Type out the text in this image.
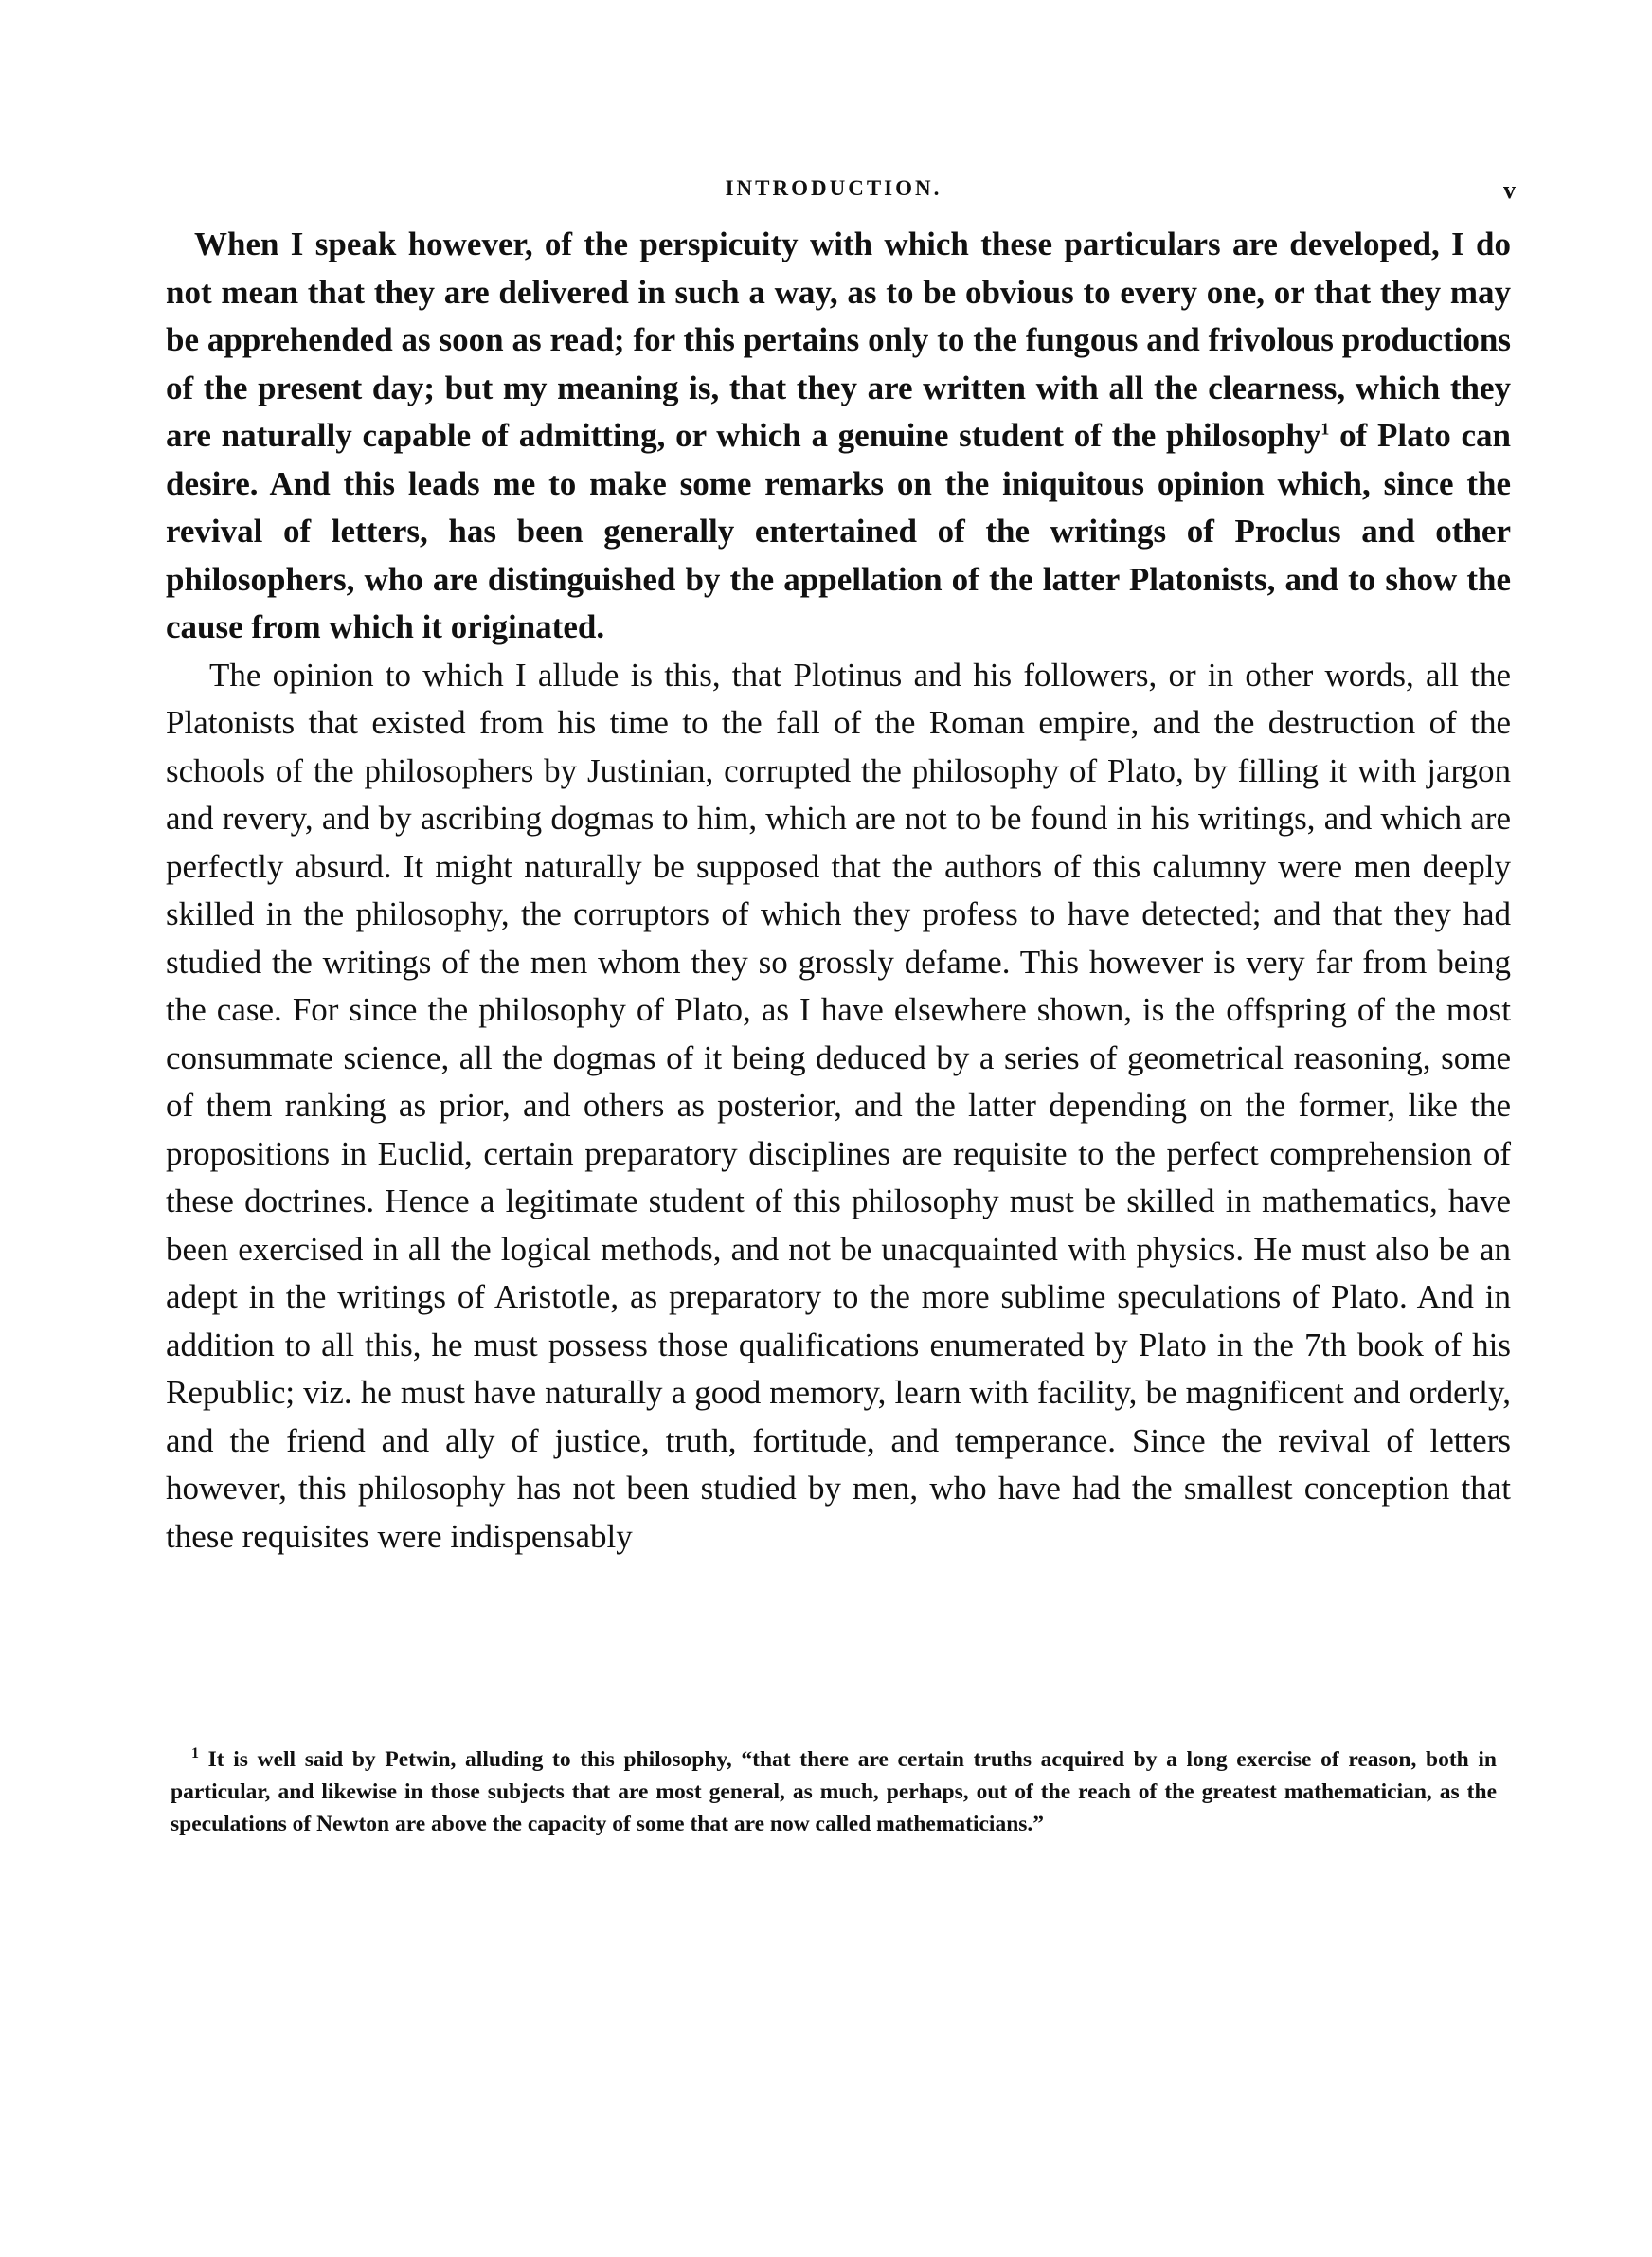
INTRODUCTION.	v

When I speak however, of the perspicuity with which these particulars are developed, I do not mean that they are delivered in such a way, as to be obvious to every one, or that they may be apprehended as soon as read; for this pertains only to the fungous and frivolous productions of the present day; but my meaning is, that they are written with all the clearness, which they are naturally capable of admitting, or which a genuine student of the philosophy$^1$ of Plato can desire. And this leads me to make some remarks on the iniquitous opinion which, since the revival of letters, has been generally entertained of the writings of Proclus and other philosophers, who are distinguished by the appellation of the latter Platonists, and to show the cause from which it originated.

The opinion to which I allude is this, that Plotinus and his followers, or in other words, all the Platonists that existed from his time to the fall of the Roman empire, and the destruction of the schools of the philosophers by Justinian, corrupted the philosophy of Plato, by filling it with jargon and revery, and by ascribing dogmas to him, which are not to be found in his writings, and which are perfectly absurd. It might naturally be supposed that the authors of this calumny were men deeply skilled in the philosophy, the corruptors of which they profess to have detected; and that they had studied the writings of the men whom they so grossly defame. This however is very far from being the case. For since the philosophy of Plato, as I have elsewhere shown, is the offspring of the most consummate science, all the dogmas of it being deduced by a series of geometrical reasoning, some of them ranking as prior, and others as posterior, and the latter depending on the former, like the propositions in Euclid, certain preparatory disciplines are requisite to the perfect comprehension of these doctrines. Hence a legitimate student of this philosophy must be skilled in mathematics, have been exercised in all the logical methods, and not be unacquainted with physics. He must also be an adept in the writings of Aristotle, as preparatory to the more sublime speculations of Plato. And in addition to all this, he must possess those qualifications enumerated by Plato in the 7th book of his Republic; viz. he must have naturally a good memory, learn with facility, be magnificent and orderly, and the friend and ally of justice, truth, fortitude, and temperance. Since the revival of letters however, this philosophy has not been studied by men, who have had the smallest conception that these requisites were indispensably

$^1$ It is well said by Petwin, alluding to this philosophy, “that there are certain truths acquired by a long exercise of reason, both in particular, and likewise in those subjects that are most general, as much, perhaps, out of the reach of the greatest mathematician, as the speculations of Newton are above the capacity of some that are now called mathematicians.”
